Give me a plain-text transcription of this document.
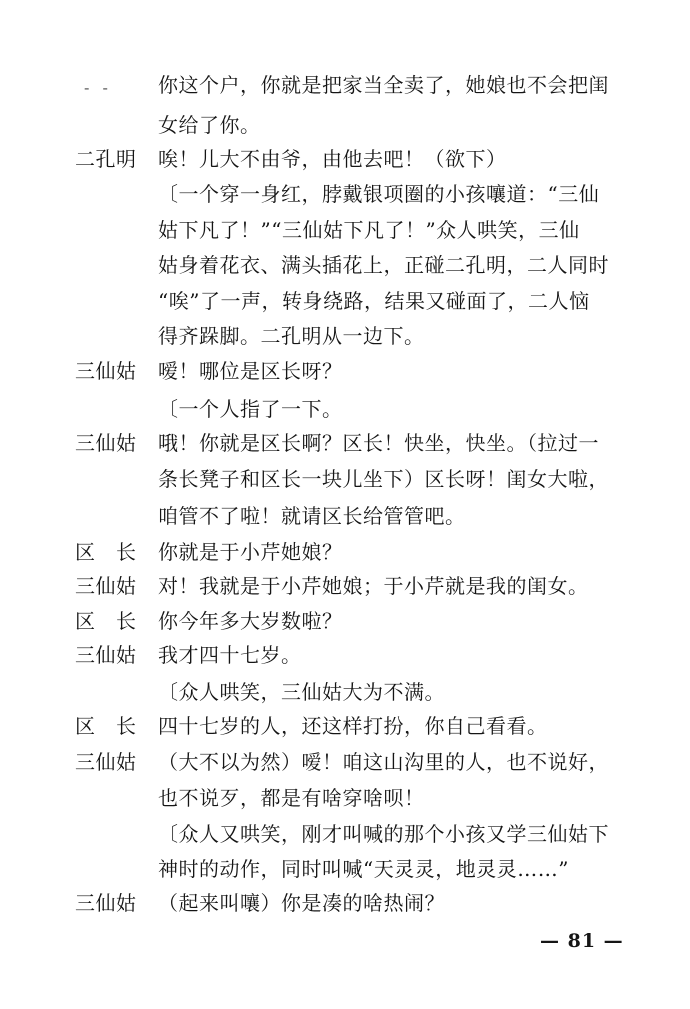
- - 你这个户，你就是把家当全卖了，她娘也不会把闺
女给了你。
二孔明 唉！儿大不由爷，由他去吧！（欲下）
〔一个穿一身红，脖戴银项圈的小孩嚷道：“三仙
姑下凡了！”“三仙姑下凡了！”众人哄笑，三仙
姑身着花衣、满头插花上，正碰二孔明，二人同时
“唉”了一声，转身绕路，结果又碰面了，二人恼
得齐跺脚。二孔明从一边下。
三仙姑 嗳！哪位是区长呀？
〔一个人指了一下。
三仙姑 哦！你就是区长啊？区长！快坐，快坐。（拉过一
条长凳子和区长一块儿坐下）区长呀！闺女大啦，
咱管不了啦！就请区长给管管吧。
区　长 你就是于小芹她娘？
三仙姑 对！我就是于小芹她娘；于小芹就是我的闺女。
区　长 你今年多大岁数啦？
三仙姑 我才四十七岁。
〔众人哄笑，三仙姑大为不满。
区　长 四十七岁的人，还这样打扮，你自己看看。
三仙姑 （大不以为然）嗳！咱这山沟里的人，也不说好，
也不说歹，都是有啥穿啥呗！
〔众人又哄笑，刚才叫喊的那个小孩又学三仙姑下
神时的动作，同时叫喊“天灵灵，地灵灵……”
三仙姑 （起来叫嚷）你是凑的啥热闹？
— 81 —
